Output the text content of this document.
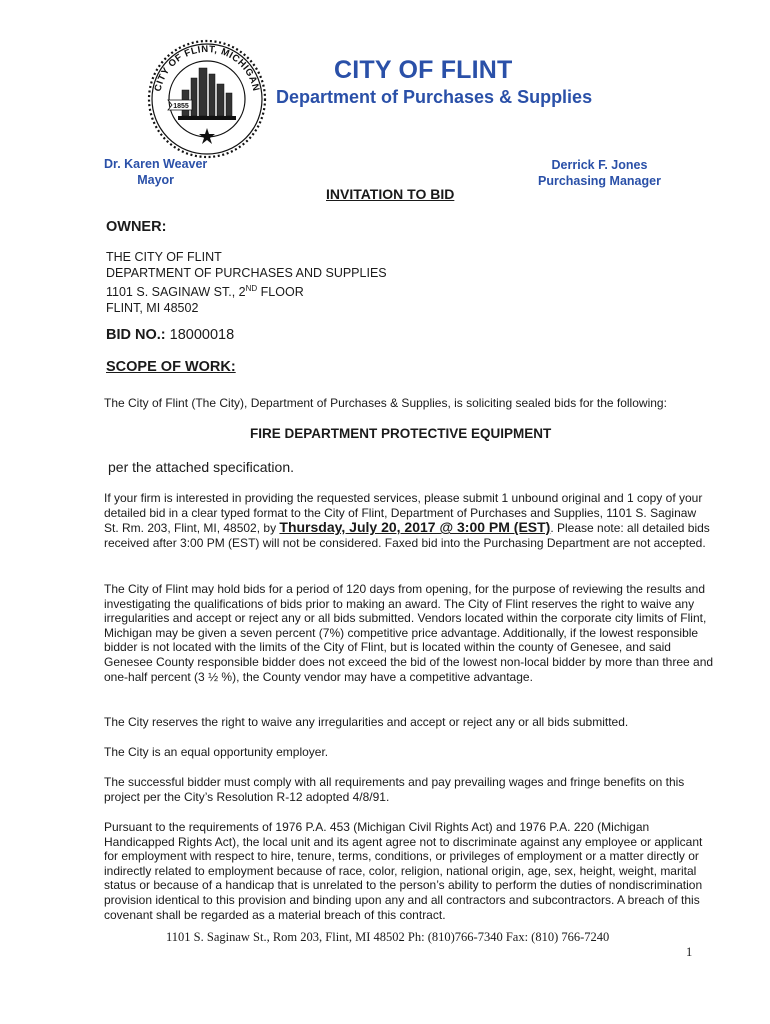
CITY OF FLINT, MICHIGAN
1855
CITY OF FLINT
Department of Purchases & Supplies
Dr. Karen Weaver
Mayor
Derrick F. Jones
Purchasing Manager
INVITATION TO BID
OWNER:
THE CITY OF FLINT
DEPARTMENT OF PURCHASES AND SUPPLIES
1101 S. SAGINAW ST., 2ND FLOOR
FLINT, MI 48502
BID NO.: 18000018
SCOPE OF WORK:
The City of Flint (The City), Department of Purchases & Supplies, is soliciting sealed bids for the following:
FIRE DEPARTMENT PROTECTIVE EQUIPMENT
per the attached specification.
If your firm is interested in providing the requested services, please submit 1 unbound original and 1 copy of your detailed bid in a clear typed format to the City of Flint, Department of Purchases and Supplies, 1101 S. Saginaw St. Rm. 203, Flint, MI, 48502, by Thursday, July 20, 2017 @ 3:00 PM (EST). Please note: all detailed bids received after 3:00 PM (EST) will not be considered. Faxed bid into the Purchasing Department are not accepted.
The City of Flint may hold bids for a period of 120 days from opening, for the purpose of reviewing the results and investigating the qualifications of bids prior to making an award. The City of Flint reserves the right to waive any irregularities and accept or reject any or all bids submitted. Vendors located within the corporate city limits of Flint, Michigan may be given a seven percent (7%) competitive price advantage. Additionally, if the lowest responsible bidder is not located with the limits of the City of Flint, but is located within the county of Genesee, and said Genesee County responsible bidder does not exceed the bid of the lowest non-local bidder by more than three and one-half percent (3 ½ %), the County vendor may have a competitive advantage.
The City reserves the right to waive any irregularities and accept or reject any or all bids submitted.
The City is an equal opportunity employer.
The successful bidder must comply with all requirements and pay prevailing wages and fringe benefits on this project per the City’s Resolution R-12 adopted 4/8/91.
Pursuant to the requirements of 1976 P.A. 453 (Michigan Civil Rights Act) and 1976 P.A. 220 (Michigan Handicapped Rights Act), the local unit and its agent agree not to discriminate against any employee or applicant for employment with respect to hire, tenure, terms, conditions, or privileges of employment or a matter directly or indirectly related to employment because of race, color, religion, national origin, age, sex, height, weight, marital status or because of a handicap that is unrelated to the person’s ability to perform the duties of nondiscrimination provision identical to this provision and binding upon any and all contractors and subcontractors. A breach of this covenant shall be regarded as a material breach of this contract.
1101 S. Saginaw St., Rom 203, Flint, MI 48502 Ph: (810)766-7340 Fax: (810) 766-7240
1
